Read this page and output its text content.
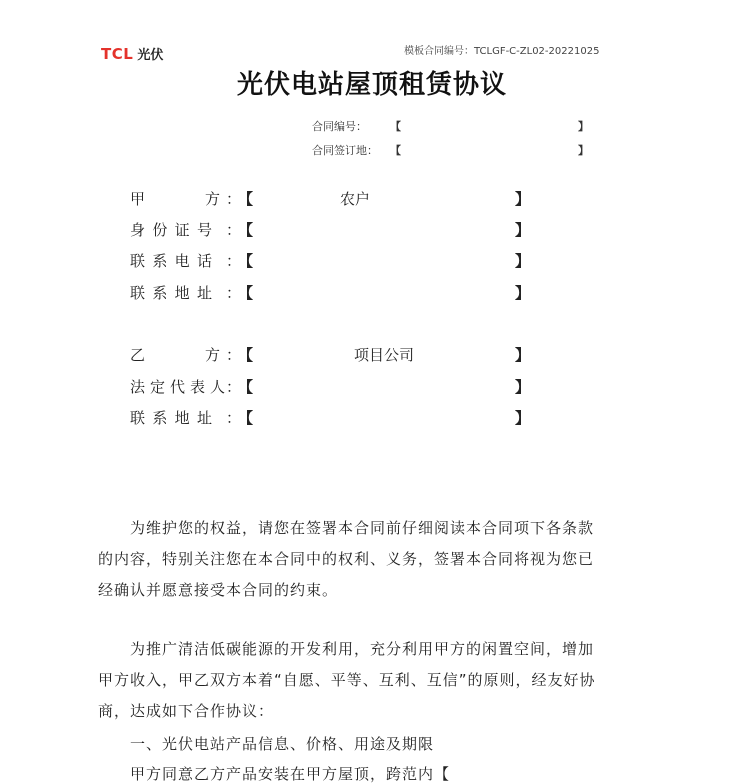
TCL 光伏	模板合同编号：TCLGF-C-ZL02-20221025
光伏电站屋顶租赁协议
合同编号： 【	】
合同签订地： 【	】
甲	方 ：
【	农户	】
身 份 证 号 ：
【	】
联 系 电 话 ：
【	】
联 系 地 址 ：
【	】
乙	方 ：
【	项目公司	】
法 定 代 表 人 ：
【	】
联 系 地 址 ：
【	】

为维护您的权益，请您在签署本合同前仔细阅读本合同项下各条款的内容，特别关注您在本合同中的权利、义务，签署本合同将视为您已经确认并愿意接受本合同的约束。

为推广清洁低碳能源的开发利用，充分利用甲方的闲置空间，增加甲方收入，甲乙双方本着“自愿、平等、互利、互信”的原则，经友好协商，达成如下合作协议：

一、光伏电站产品信息、价格、用途及期限
甲方同意乙方产品安装在甲方屋顶，跨范内【
